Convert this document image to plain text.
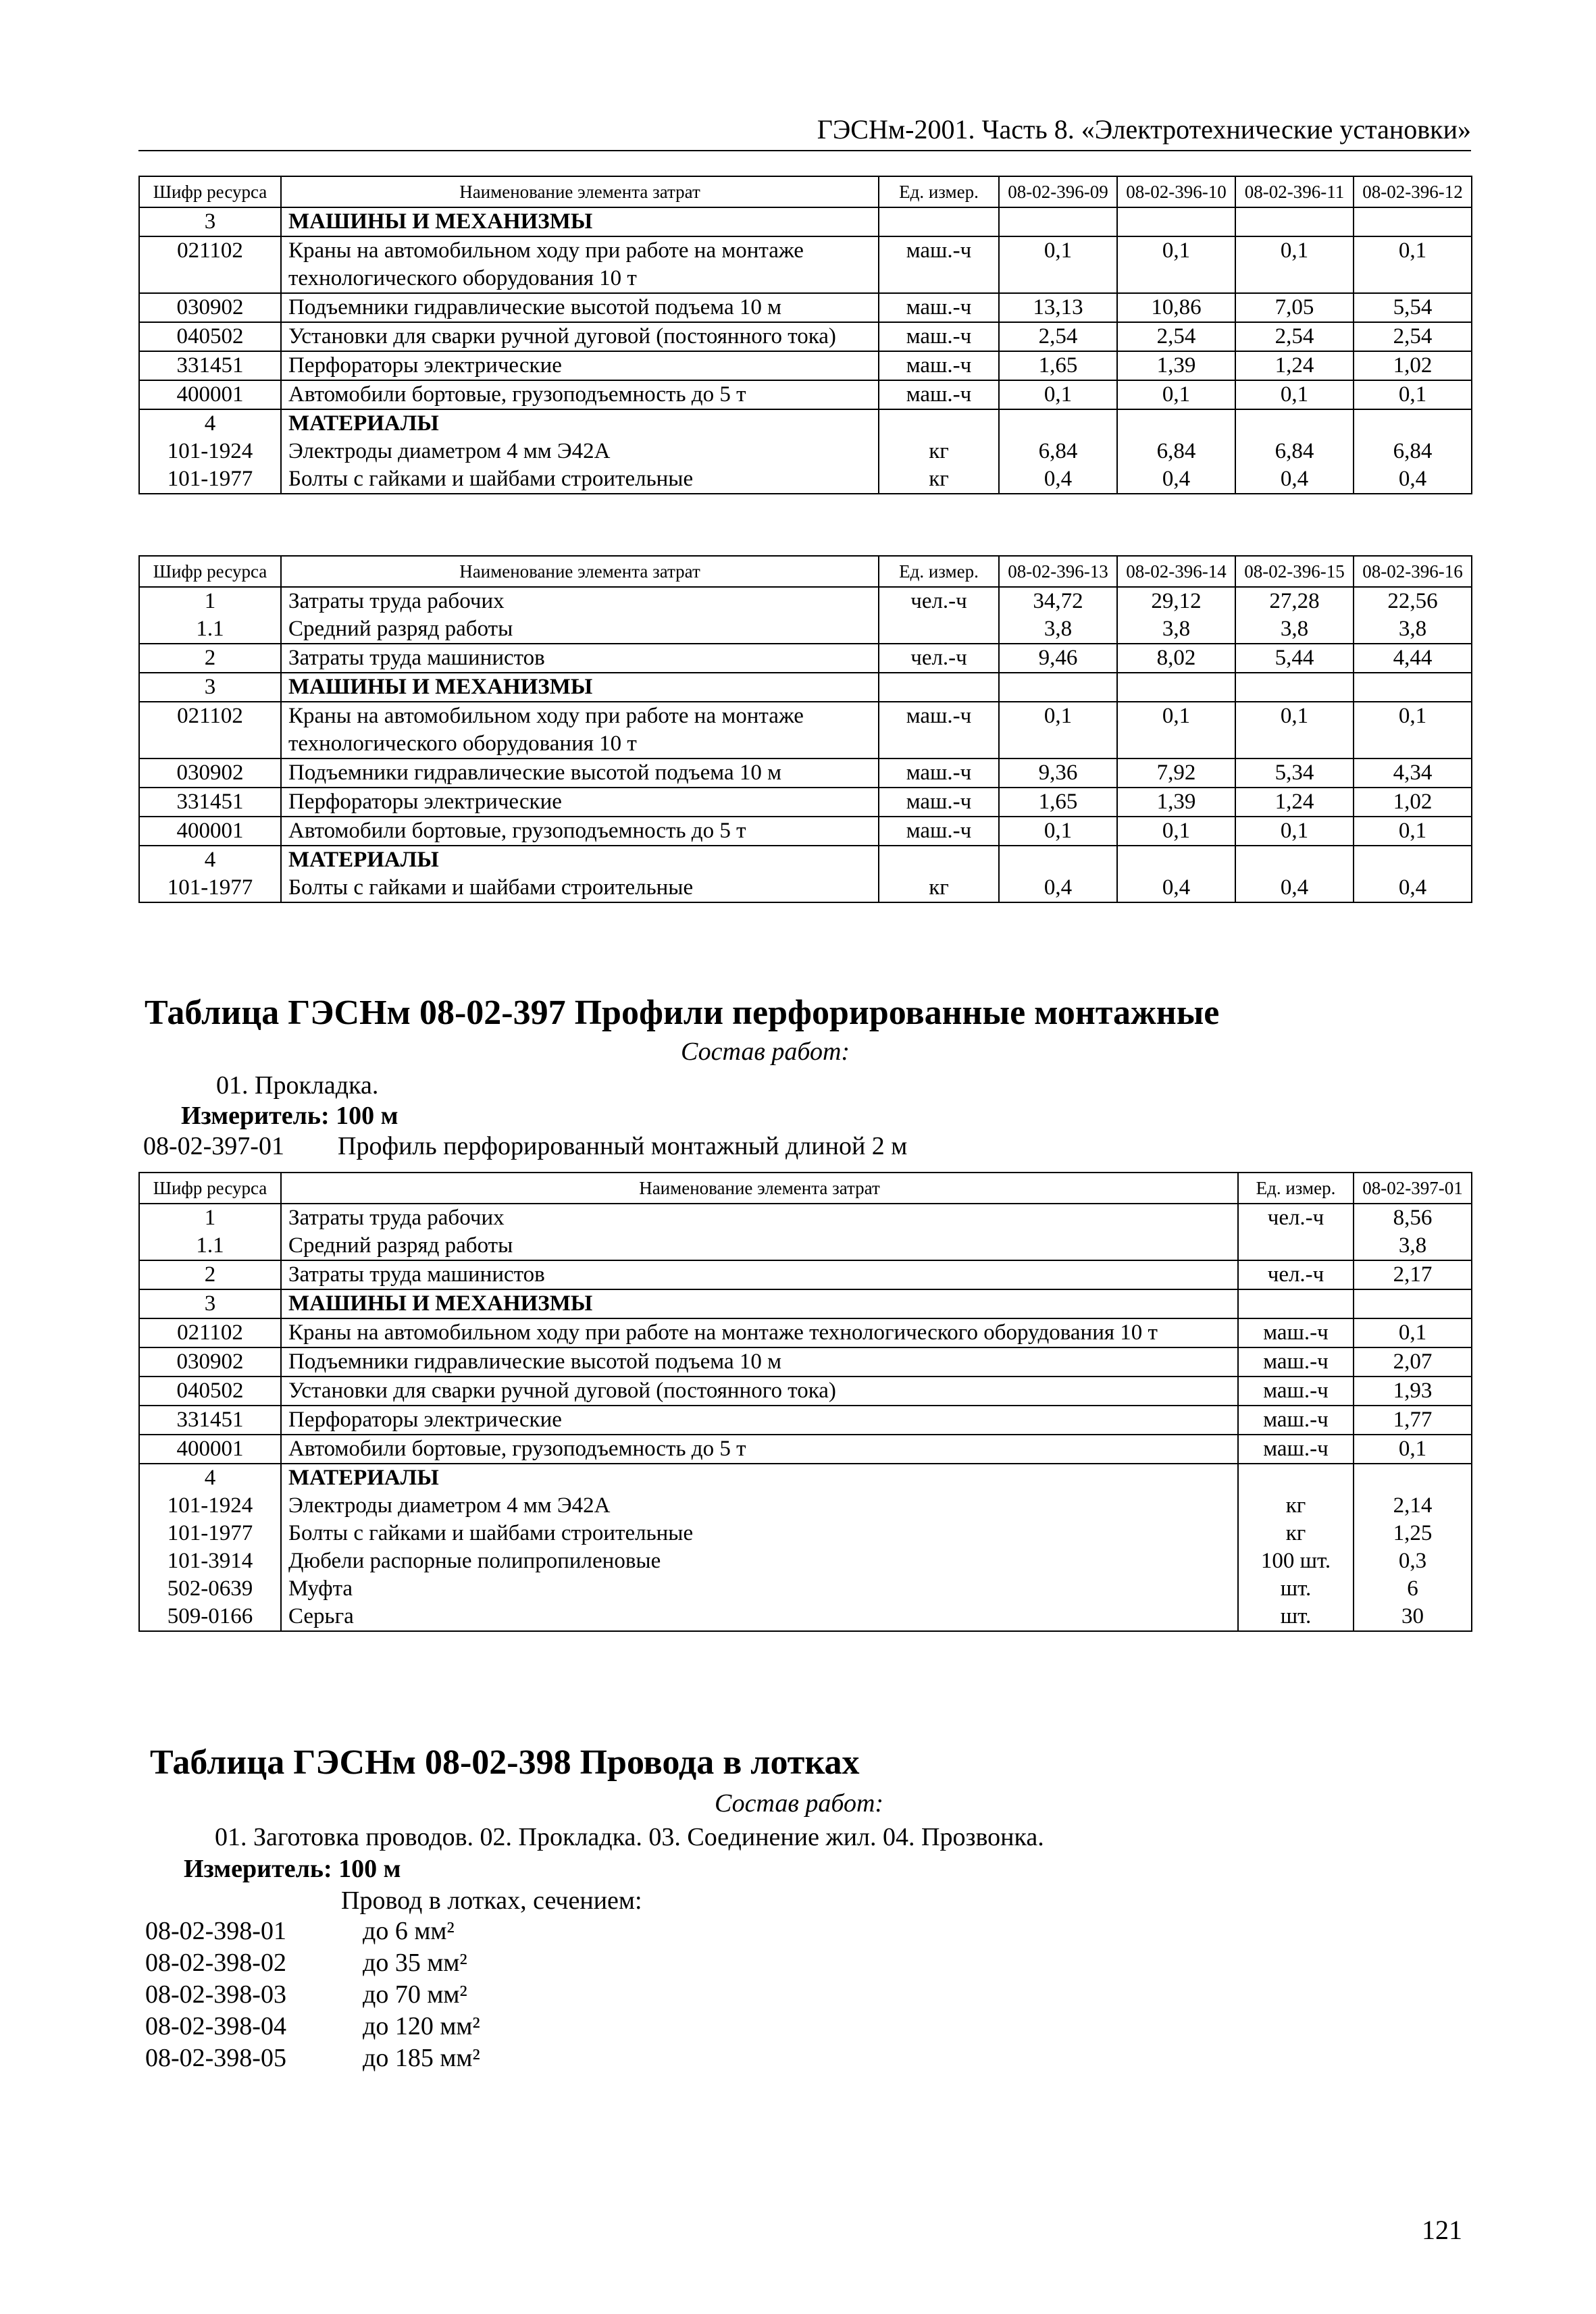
ГЭСНм-2001. Часть 8. «Электротехнические установки»
Шифр ресурса	Наименование элемента затрат	Ед. измер.	08-02-396-09	08-02-396-10	08-02-396-11	08-02-396-12
3	МАШИНЫ И МЕХАНИЗМЫ					
021102	Краны на автомобильном ходу при работе на монтаже технологического оборудования 10 т	маш.-ч	0,1	0,1	0,1	0,1
030902	Подъемники гидравлические высотой подъема 10 м	маш.-ч	13,13	10,86	7,05	5,54
040502	Установки для сварки ручной дуговой (постоянного тока)	маш.-ч	2,54	2,54	2,54	2,54
331451	Перфораторы электрические	маш.-ч	1,65	1,39	1,24	1,02
400001	Автомобили бортовые, грузоподъемность до 5 т	маш.-ч	0,1	0,1	0,1	0,1
4	МАТЕРИАЛЫ					
101-1924	Электроды диаметром 4 мм Э42А	кг	6,84	6,84	6,84	6,84
101-1977	Болты с гайками и шайбами строительные	кг	0,4	0,4	0,4	0,4
Шифр ресурса	Наименование элемента затрат	Ед. измер.	08-02-396-13	08-02-396-14	08-02-396-15	08-02-396-16
1	Затраты труда рабочих	чел.-ч	34,72	29,12	27,28	22,56
1.1	Средний разряд работы		3,8	3,8	3,8	3,8
2	Затраты труда машинистов	чел.-ч	9,46	8,02	5,44	4,44
3	МАШИНЫ И МЕХАНИЗМЫ					
021102	Краны на автомобильном ходу при работе на монтаже технологического оборудования 10 т	маш.-ч	0,1	0,1	0,1	0,1
030902	Подъемники гидравлические высотой подъема 10 м	маш.-ч	9,36	7,92	5,34	4,34
331451	Перфораторы электрические	маш.-ч	1,65	1,39	1,24	1,02
400001	Автомобили бортовые, грузоподъемность до 5 т	маш.-ч	0,1	0,1	0,1	0,1
4	МАТЕРИАЛЫ					
101-1977	Болты с гайками и шайбами строительные	кг	0,4	0,4	0,4	0,4
Таблица ГЭСНм 08-02-397 Профили перфорированные монтажные
Состав работ:
01. Прокладка.
Измеритель: 100 м
08-02-397-01 Профиль перфорированный монтажный длиной 2 м
Шифр ресурса	Наименование элемента затрат	Ед. измер.	08-02-397-01
1	Затраты труда рабочих	чел.-ч	8,56
1.1	Средний разряд работы		3,8
2	Затраты труда машинистов	чел.-ч	2,17
3	МАШИНЫ И МЕХАНИЗМЫ		
021102	Краны на автомобильном ходу при работе на монтаже технологического оборудования 10 т	маш.-ч	0,1
030902	Подъемники гидравлические высотой подъема 10 м	маш.-ч	2,07
040502	Установки для сварки ручной дуговой (постоянного тока)	маш.-ч	1,93
331451	Перфораторы электрические	маш.-ч	1,77
400001	Автомобили бортовые, грузоподъемность до 5 т	маш.-ч	0,1
4	МАТЕРИАЛЫ		
101-1924	Электроды диаметром 4 мм Э42А	кг	2,14
101-1977	Болты с гайками и шайбами строительные	кг	1,25
101-3914	Дюбели распорные полипропиленовые	100 шт.	0,3
502-0639	Муфта	шт.	6
509-0166	Серьга	шт.	30
Таблица ГЭСНм 08-02-398 Провода в лотках
Состав работ:
01. Заготовка проводов. 02. Прокладка. 03. Соединение жил. 04. Прозвонка.
Измеритель: 100 м
Провод в лотках, сечением:
08-02-398-01	до 6 мм²
08-02-398-02	до 35 мм²
08-02-398-03	до 70 мм²
08-02-398-04	до 120 мм²
08-02-398-05	до 185 мм²
121
